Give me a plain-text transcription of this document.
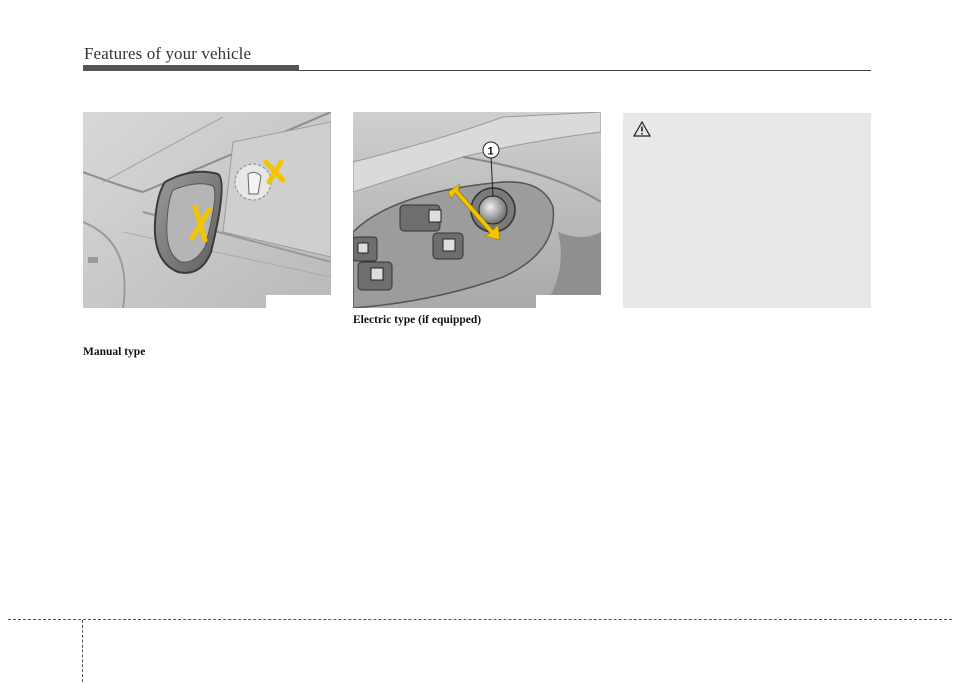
Features of your vehicle
1
Electric type (if equipped)
Manual type
